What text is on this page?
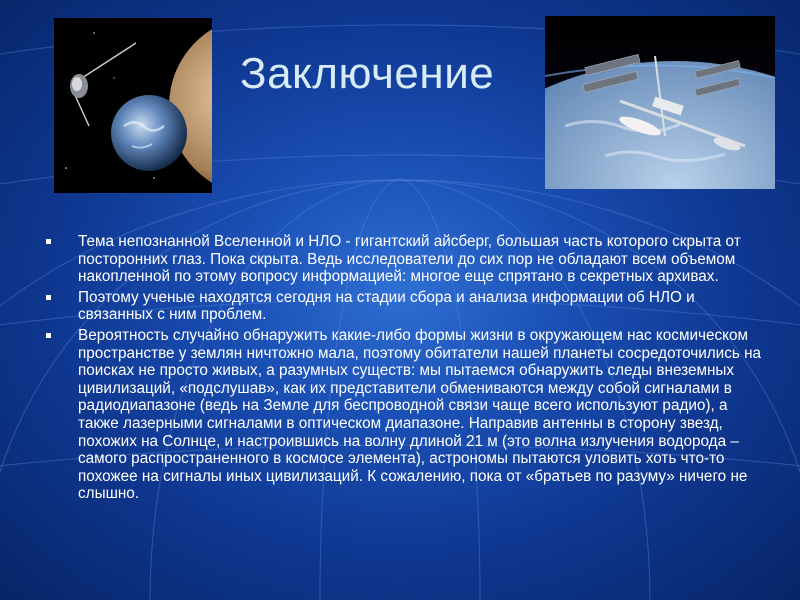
Заключение
Тема непознанной Вселенной и НЛО - гигантский айсберг, большая часть которого скрыта от посторонних глаз. Пока скрыта. Ведь исследователи до сих пор не обладают всем объемом накопленной по этому вопросу информацией: многое еще спрятано в секретных архивах.
Поэтому ученые находятся сегодня на стадии сбора и анализа информации об НЛО и связанных с ним проблем.
Вероятность случайно обнаружить какие-либо формы жизни в окружающем нас космическом пространстве у землян ничтожно мала, поэтому обитатели нашей планеты сосредоточились на поисках не просто живых, а разумных существ: мы пытаемся обнаружить следы внеземных цивилизаций, «подслушав», как их представители обмениваются между собой сигналами в радиодиапазоне (ведь на Земле для беспроводной связи чаще всего используют радио), а также лазерными сигналами в оптическом диапазоне. Направив антенны в сторону звезд, похожих на Солнце, и настроившись на волну длиной 21 м (это волна излучения водорода – самого распространенного в космосе элемента), астрономы пытаются уловить хоть что-то похожее на сигналы иных цивилизаций. К сожалению, пока от «братьев по разуму» ничего не слышно.
